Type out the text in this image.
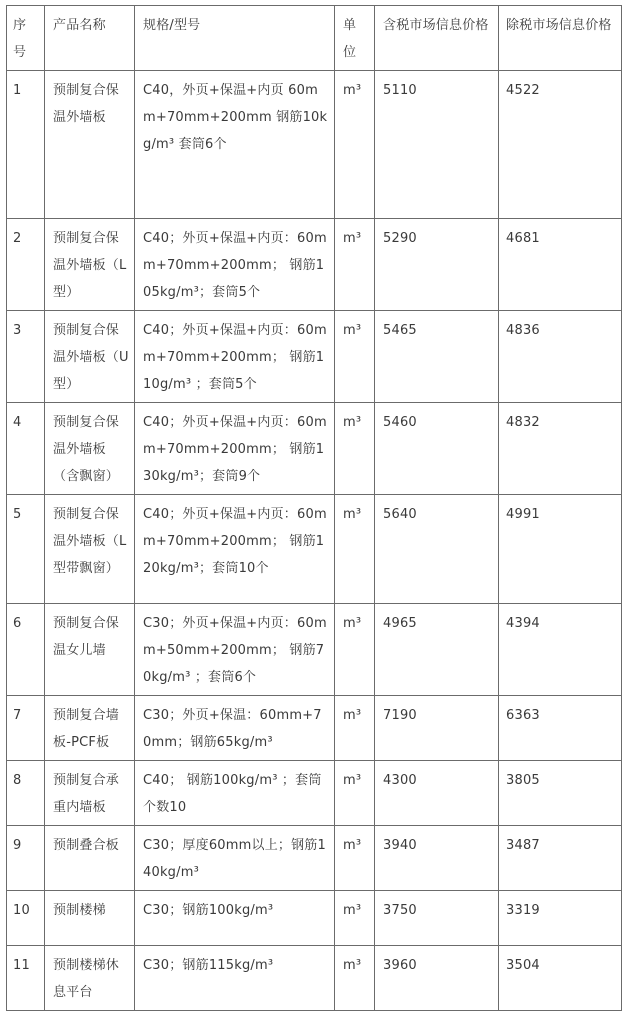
序号	产品名称	规格/型号	单位	含税市场信息价格	除税市场信息价格
1	预制复合保温外墙板	C40，外页+保温+内页 60mm+70mm+200mm 钢筋10kg/m³ 套筒6个	m³	5110	4522
2	预制复合保温外墙板（L型）	C40；外页+保温+内页：60mm+70mm+200mm； 钢筋105kg/m³；套筒5个	m³	5290	4681
3	预制复合保温外墙板（U型）	C40；外页+保温+内页：60mm+70mm+200mm； 钢筋110g/m³ ；套筒5个	m³	5465	4836
4	预制复合保温外墙板（含飘窗）	C40；外页+保温+内页：60mm+70mm+200mm； 钢筋130kg/m³；套筒9个	m³	5460	4832
5	预制复合保温外墙板（L型带飘窗）	C40；外页+保温+内页：60mm+70mm+200mm； 钢筋120kg/m³；套筒10个	m³	5640	4991
6	预制复合保温女儿墙	C30；外页+保温+内页：60mm+50mm+200mm； 钢筋70kg/m³ ；套筒6个	m³	4965	4394
7	预制复合墙板-PCF板	C30；外页+保温：60mm+70mm；钢筋65kg/m³	m³	7190	6363
8	预制复合承重内墙板	C40； 钢筋100kg/m³ ；套筒个数10	m³	4300	3805
9	预制叠合板	C30；厚度60mm以上；钢筋140kg/m³	m³	3940	3487
10	预制楼梯	C30；钢筋100kg/m³	m³	3750	3319
11	预制楼梯休息平台	C30；钢筋115kg/m³	m³	3960	3504
